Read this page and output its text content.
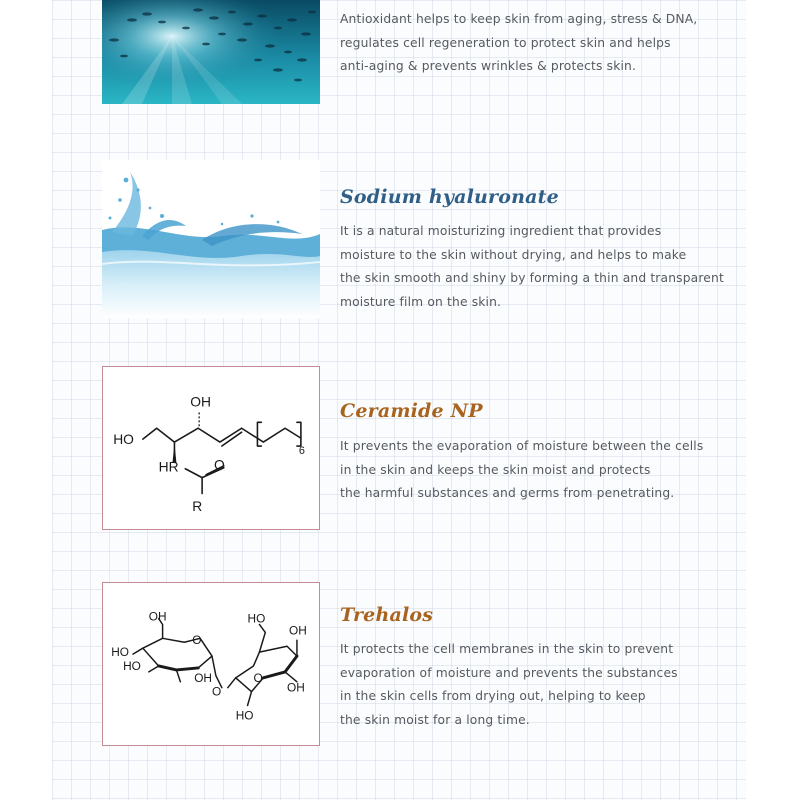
Antioxidant helps to keep skin from aging, stress & DNA,
regulates cell regeneration to protect skin and helps
anti-aging & prevents wrinkles & protects skin.
Sodium hyaluronate
It is a natural moisturizing ingredient that provides
moisture to the skin without drying, and helps to make
the skin smooth and shiny by forming a thin and transparent
moisture film on the skin.
OH
HO
HR	O
R
6
Ceramide NP
It prevents the evaporation of moisture between the cells
in the skin and keeps the skin moist and protects
the harmful substances and germs from penetrating.
OH
HO
HO
O
OH
O
HO
OH
OH
O
HO
Trehalos
It protects the cell membranes in the skin to prevent
evaporation of moisture and prevents the substances
in the skin cells from drying out, helping to keep
the skin moist for a long time.
